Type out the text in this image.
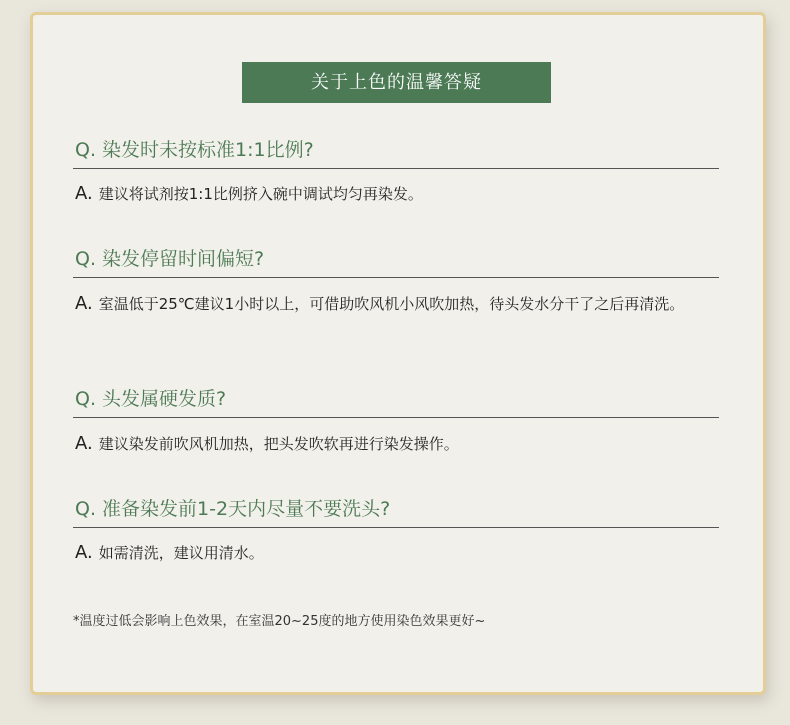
关于上色的温馨答疑
Q. 染发时未按标准1:1比例?
A. 建议将试剂按1:1比例挤入碗中调试均匀再染发。
Q. 染发停留时间偏短?
A. 室温低于25℃建议1小时以上，可借助吹风机小风吹加热，待头发水分干了之后再清洗。
Q. 头发属硬发质?
A. 建议染发前吹风机加热，把头发吹软再进行染发操作。
Q. 准备染发前1-2天内尽量不要洗头?
A. 如需清洗，建议用清水。
*温度过低会影响上色效果，在室温20~25度的地方使用染色效果更好~
